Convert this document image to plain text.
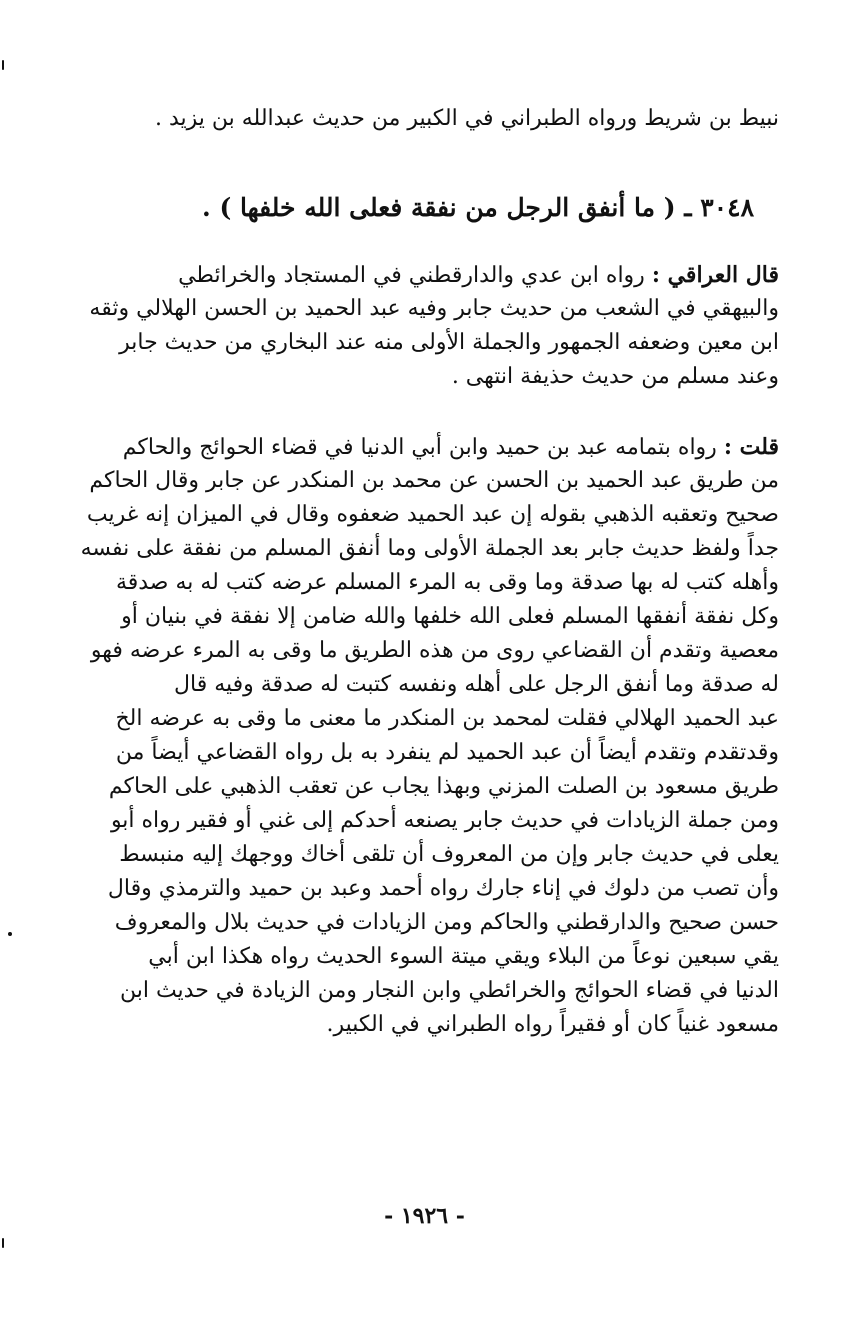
نبيط بن شريط ورواه الطبراني في الكبير من حديث عبدالله بن يزيد .
٣٠٤٨ ـ ( ما أنفق الرجل من نفقة فعلى الله خلفها ) .
قال العراقي : رواه ابن عدي والدارقطني في المستجاد والخرائطي
والبيهقي في الشعب من حديث جابر وفيه عبد الحميد بن الحسن الهلالي وثقه
ابن معين وضعفه الجمهور والجملة الأولى منه عند البخاري من حديث جابر
وعند مسلم من حديث حذيفة انتهى .
قلت : رواه بتمامه عبد بن حميد وابن أبي الدنيا في قضاء الحوائج والحاكم
من طريق عبد الحميد بن الحسن عن محمد بن المنكدر عن جابر وقال الحاكم
صحيح وتعقبه الذهبي بقوله إن عبد الحميد ضعفوه وقال في الميزان إنه غريب
جداً ولفظ حديث جابر بعد الجملة الأولى وما أنفق المسلم من نفقة على نفسه
وأهله كتب له بها صدقة وما وقى به المرء المسلم عرضه كتب له به صدقة
وكل نفقة أنفقها المسلم فعلى الله خلفها والله ضامن إلا نفقة في بنيان أو
معصية وتقدم أن القضاعي روى من هذه الطريق ما وقى به المرء عرضه فهو
له صدقة وما أنفق الرجل على أهله ونفسه كتبت له صدقة وفيه قال
عبد الحميد الهلالي فقلت لمحمد بن المنكدر ما معنى ما وقى به عرضه الخ
وقدتقدم وتقدم أيضاً أن عبد الحميد لم ينفرد به بل رواه القضاعي أيضاً من
طريق مسعود بن الصلت المزني وبهذا يجاب عن تعقب الذهبي على الحاكم
ومن جملة الزيادات في حديث جابر يصنعه أحدكم إلى غني أو فقير رواه أبو
يعلى في حديث جابر وإن من المعروف أن تلقى أخاك ووجهك إليه منبسط
وأن تصب من دلوك في إناء جارك رواه أحمد وعبد بن حميد والترمذي وقال
حسن صحيح والدارقطني والحاكم ومن الزيادات في حديث بلال والمعروف
يقي سبعين نوعاً من البلاء ويقي ميتة السوء الحديث رواه هكذا ابن أبي
الدنيا في قضاء الحوائج والخرائطي وابن النجار ومن الزيادة في حديث ابن
مسعود غنياً كان أو فقيراً رواه الطبراني في الكبير.
- ١٩٢٦ -
